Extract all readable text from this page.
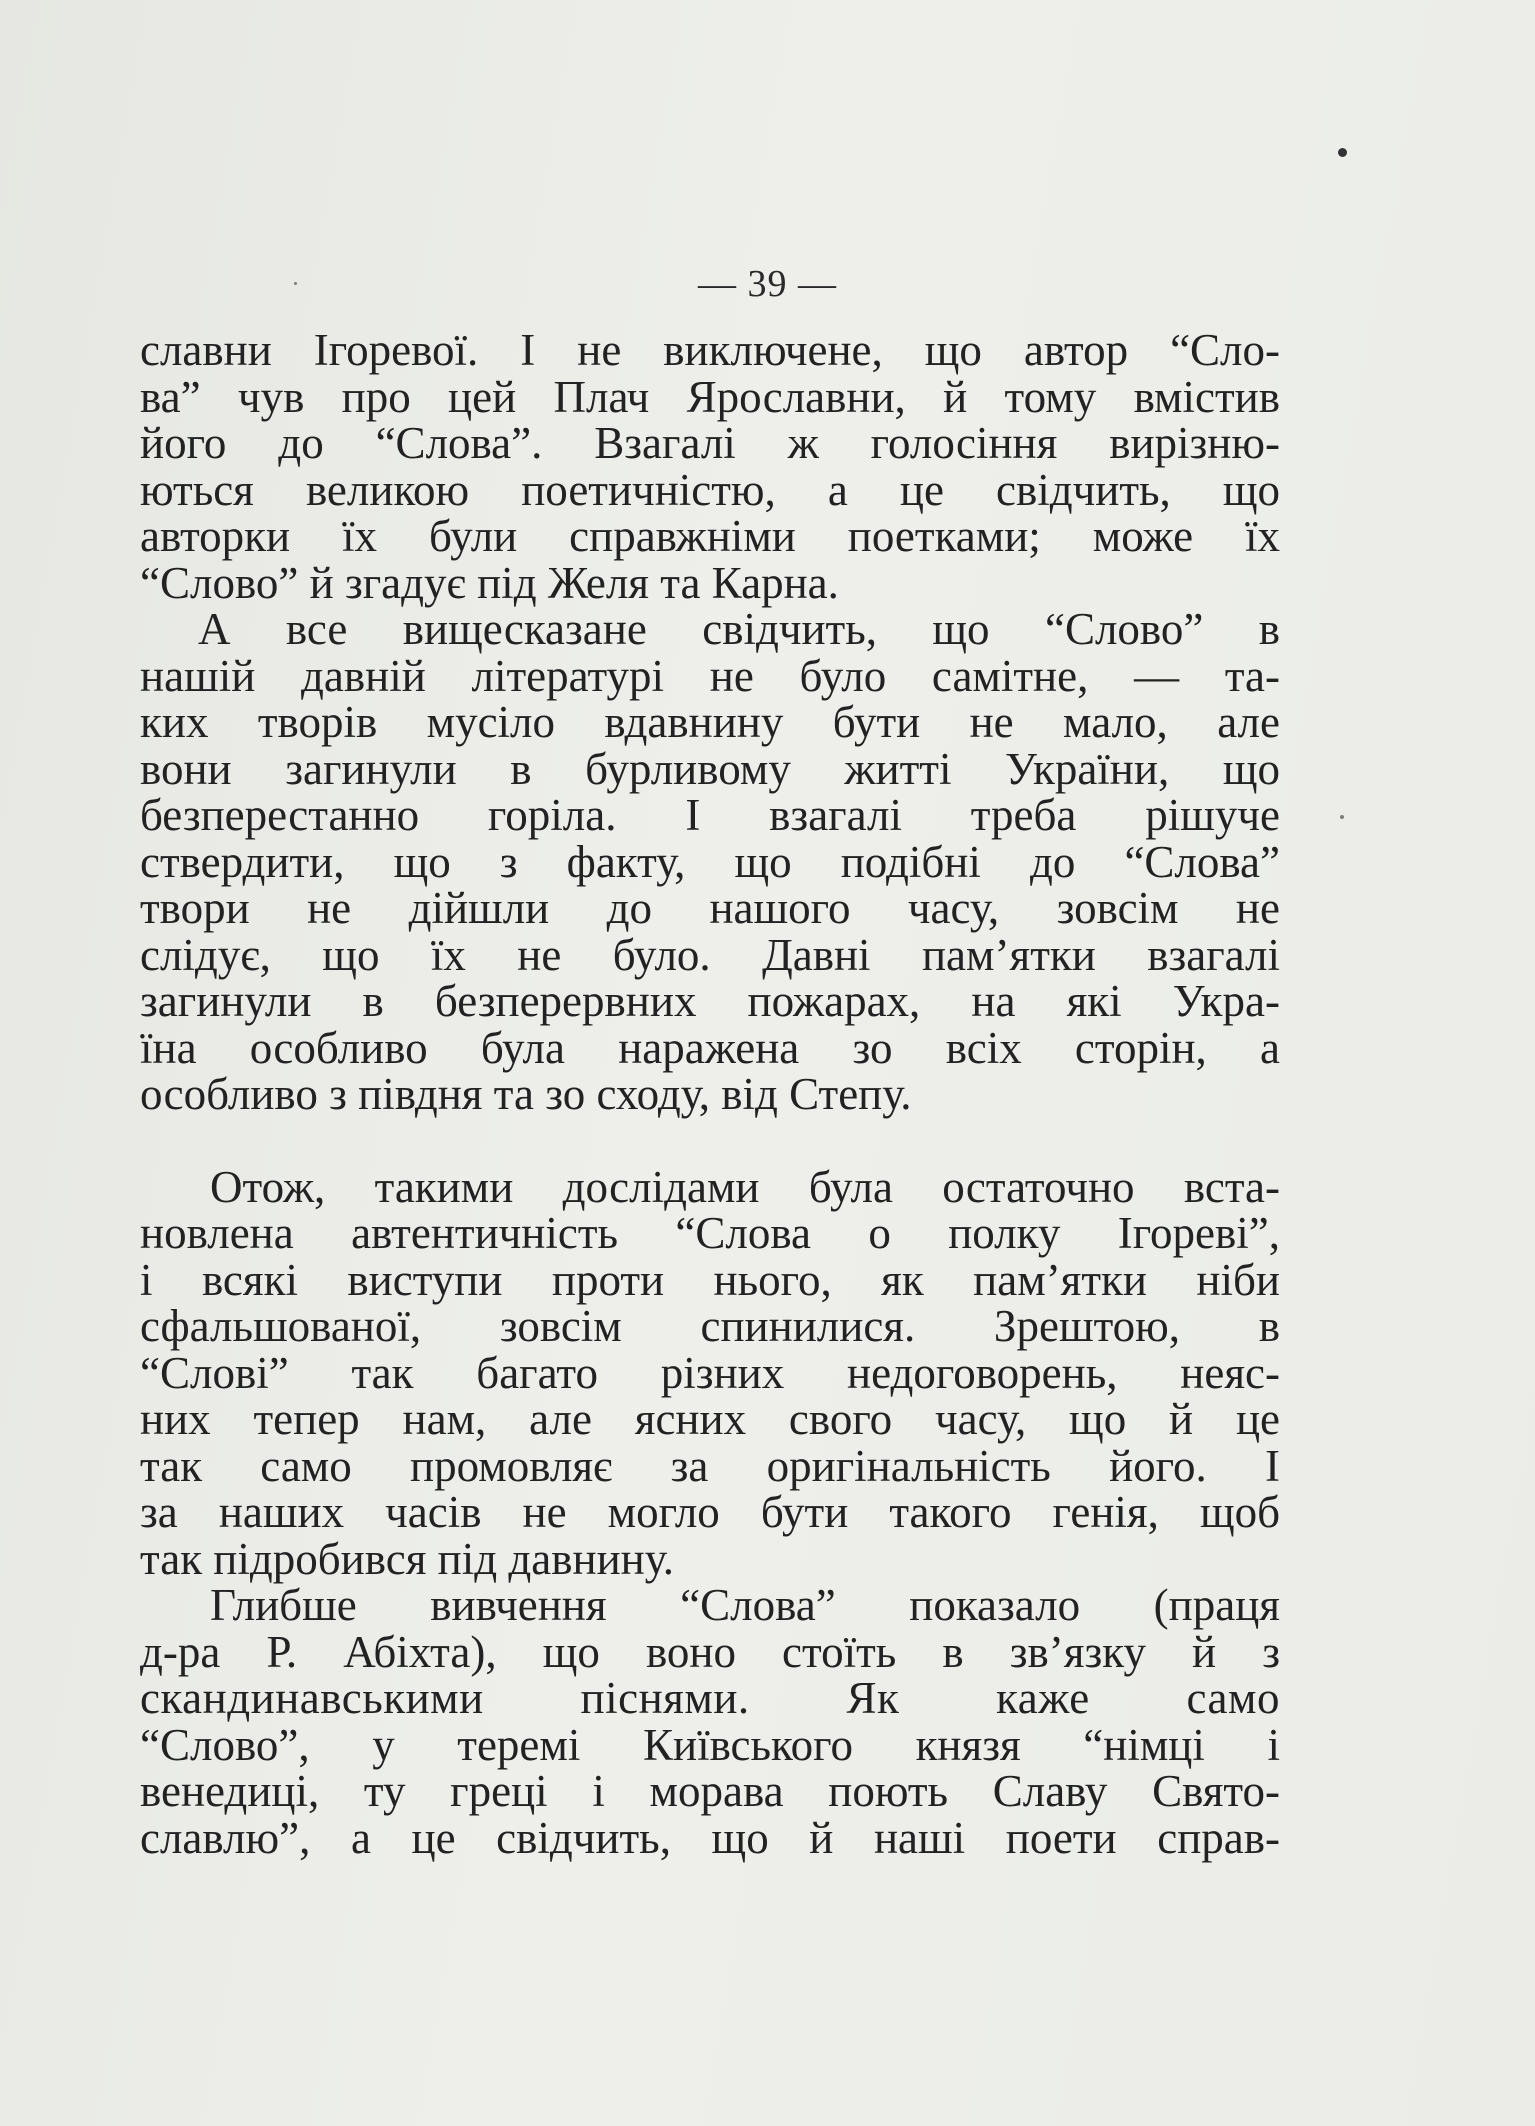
— 39 —
славни Ігоревої. І не виключене, що автор “Сло-
ва” чув про цей Плач Ярославни, й тому вмістив
його до “Слова”. Взагалі ж голосіння вирізню-
ються великою поетичністю, а це свідчить, що
авторки їх були справжніми поетками; може їх
“Слово” й згадує під Желя та Карна.
А все вищесказане свідчить, що “Слово” в
нашій давній літературі не було самітне, — та-
ких творів мусіло вдавнину бути не мало, але
вони загинули в бурливому житті України, що
безперестанно горіла. І взагалі треба рішуче
ствердити, що з факту, що подібні до “Слова”
твори не дійшли до нашого часу, зовсім не
слідує, що їх не було. Давні пам’ятки взагалі
загинули в безперервних пожарах, на які Укра-
їна особливо була наражена зо всіх сторін, а
особливо з півдня та зо сходу, від Степу.
Отож, такими дослідами була остаточно вста-
новлена автентичність “Слова о полку Ігореві”,
і всякі виступи проти нього, як пам’ятки ніби
сфальшованої, зовсім спинилися. Зрештою, в
“Слові” так багато різних недоговорень, неяс-
них тепер нам, але ясних свого часу, що й це
так само промовляє за оригінальність його. І
за наших часів не могло бути такого генія, щоб
так підробився під давнину.
Глибше вивчення “Слова” показало (праця
д-ра Р. Абіхта), що воно стоїть в зв’язку й з
скандинавськими піснями. Як каже само
“Слово”, у теремі Київського князя “німці і
венедиці, ту греці і морава поють Славу Свято-
славлю”, а це свідчить, що й наші поети справ-
